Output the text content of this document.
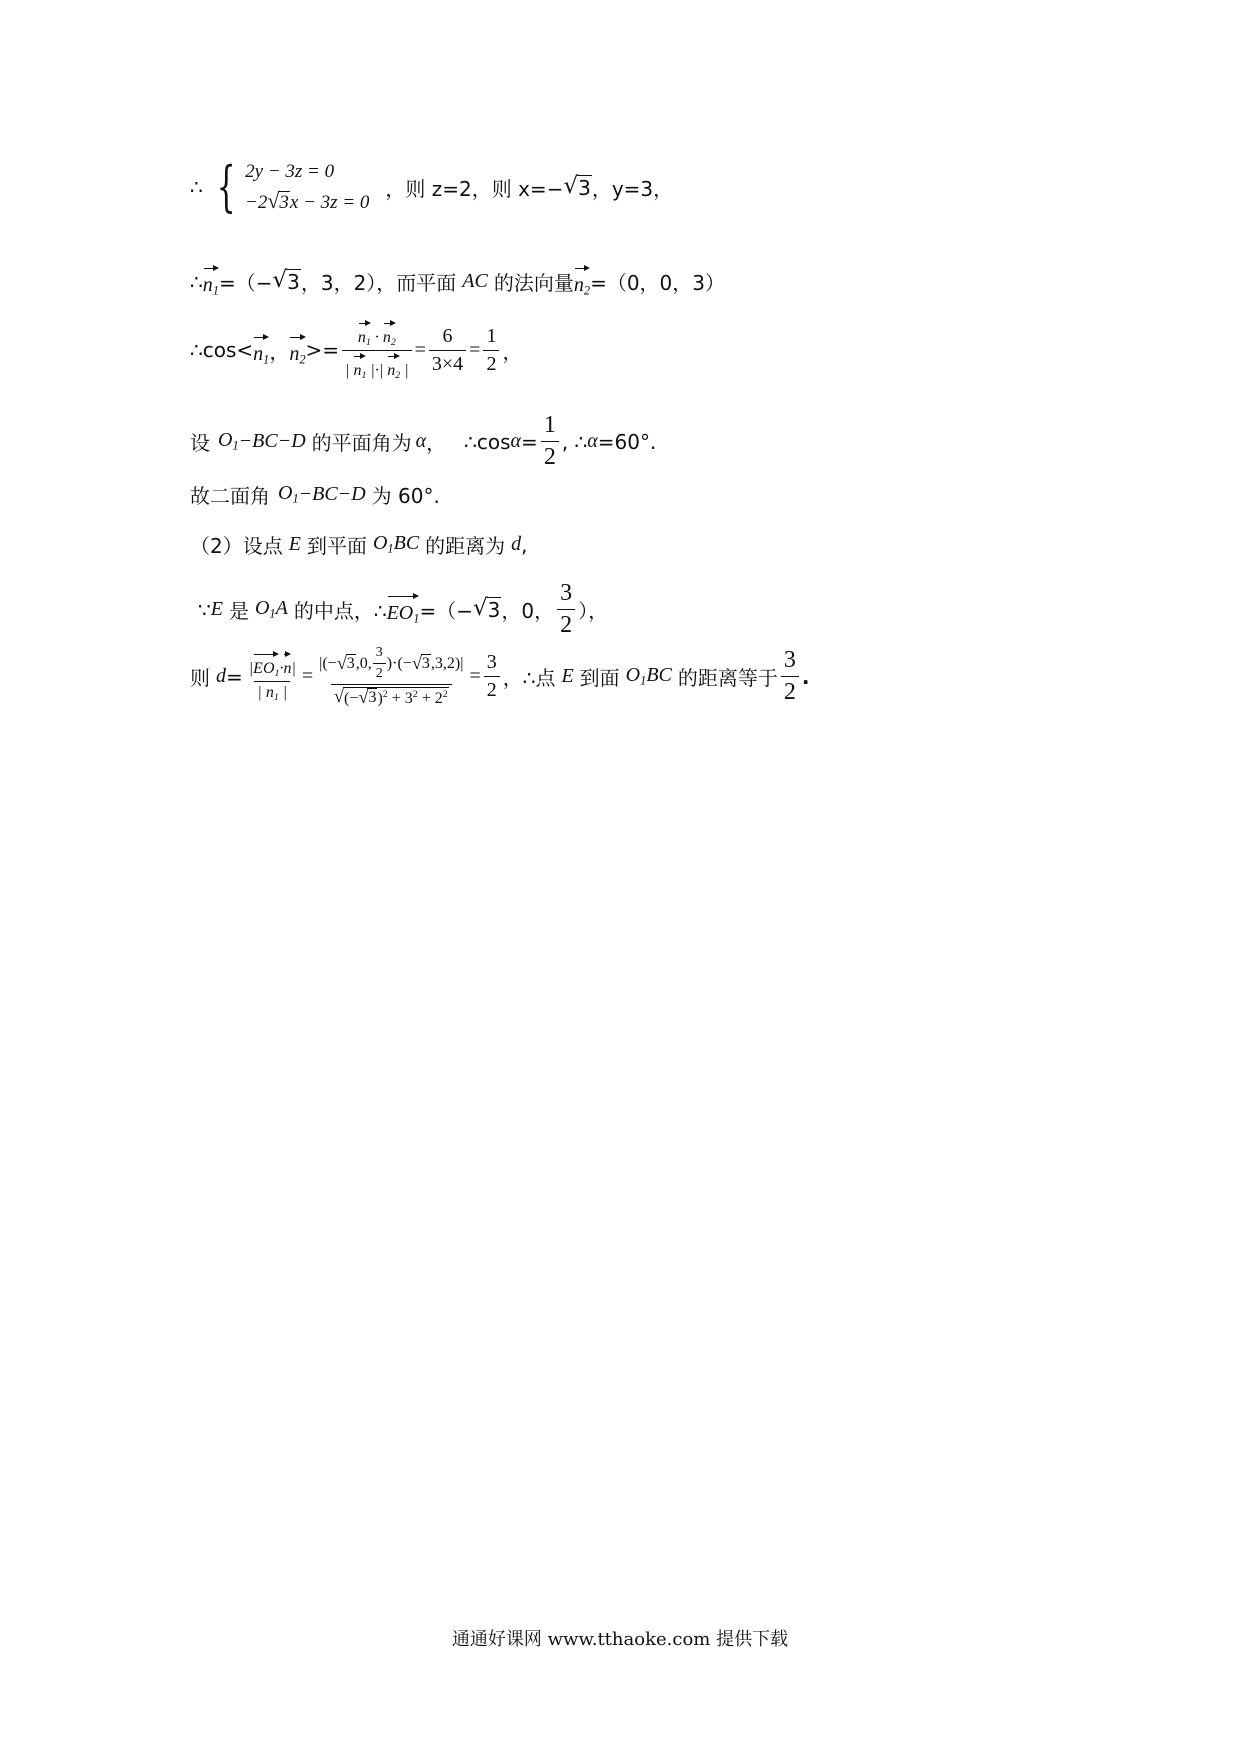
∴ { 2y − 3z = 0
−2 √ 3 x − 3z = 0
，则 z=2，则 x=− √ 3 ，y=3，
∴ $n_1$ =（− √ 3 ，3，2），而平面 AC 的法向量 $n_2 =(0$，0，3）
∴cos< $n_1$ ， $n_2 >= \frac{n_1 \cdot n_2}{| n_1 |\cdot| n_2 |} = \frac{6}{3\times 4} = \frac{1}{2}$ ，
设 $O_1 -BC-D$ 的平面角为 α ， ∴cos $\alpha = \frac{1}{2}$ , ∴ α =60°.
故二面角 $O_1 -BC-D$ 为 60°.
（2）设点 E 到平面 $O_1BC$ 的距离为 d ,
∵ E 是 $O_1A$ 的中点，∴ $EO_1$ =（− √ 3 ，0， $\frac{3}{2}$ ），
则 $d = \frac{|EO_1\cdot n|}{| n_1 |}$ =
|(− √ 3 ,0, $\frac{3}{2}$ )·(− √ 3 ,3,2)|
√ (− √ 3 )$^2 + 3^2 + 2^2$
= $\frac{3}{2}$ ，∴点 E 到面 $O_1BC$ 的距离等于 $\frac{3}{2}$ .
通通好课网 www.tthaoke.com 提供下载
